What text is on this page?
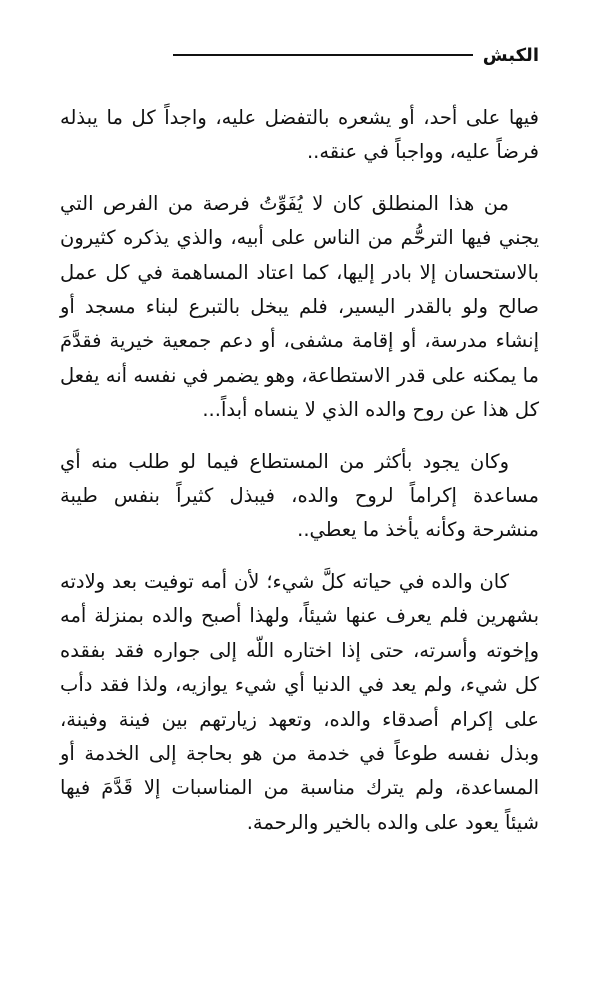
الكبش

فيها على أحد، أو يشعره بالتفضل عليه، واجداً كل ما يبذله فرضاً عليه، وواجباً في عنقه..

من هذا المنطلق كان لا يُفَوِّتُ فرصة من الفرص التي يجني فيها الترحُّم من الناس على أبيه، والذي يذكره كثيرون بالاستحسان إلا بادر إليها، كما اعتاد المساهمة في كل عمل صالح ولو بالقدر اليسير، فلم يبخل بالتبرع لبناء مسجد أو إنشاء مدرسة، أو إقامة مشفى، أو دعم جمعية خيرية فقدَّمَ ما يمكنه على قدر الاستطاعة، وهو يضمر في نفسه أنه يفعل كل هذا عن روح والده الذي لا ينساه أبداً...

وكان يجود بأكثر من المستطاع فيما لو طلب منه أي مساعدة إكراماً لروح والده، فيبذل كثيراً بنفس طيبة منشرحة وكأنه يأخذ ما يعطي..

كان والده في حياته كلَّ شيء؛ لأن أمه توفيت بعد ولادته بشهرين فلم يعرف عنها شيئاً، ولهذا أصبح والده بمنزلة أمه وإخوته وأسرته، حتى إذا اختاره اللّه إلى جواره فقد بفقده كل شيء، ولم يعد في الدنيا أي شيء يوازيه، ولذا فقد دأب على إكرام أصدقاء والده، وتعهد زيارتهم بين فينة وفينة، وبذل نفسه طوعاً في خدمة من هو بحاجة إلى الخدمة أو المساعدة، ولم يترك مناسبة من المناسبات إلا قَدَّمَ فيها شيئاً يعود على والده بالخير والرحمة.
